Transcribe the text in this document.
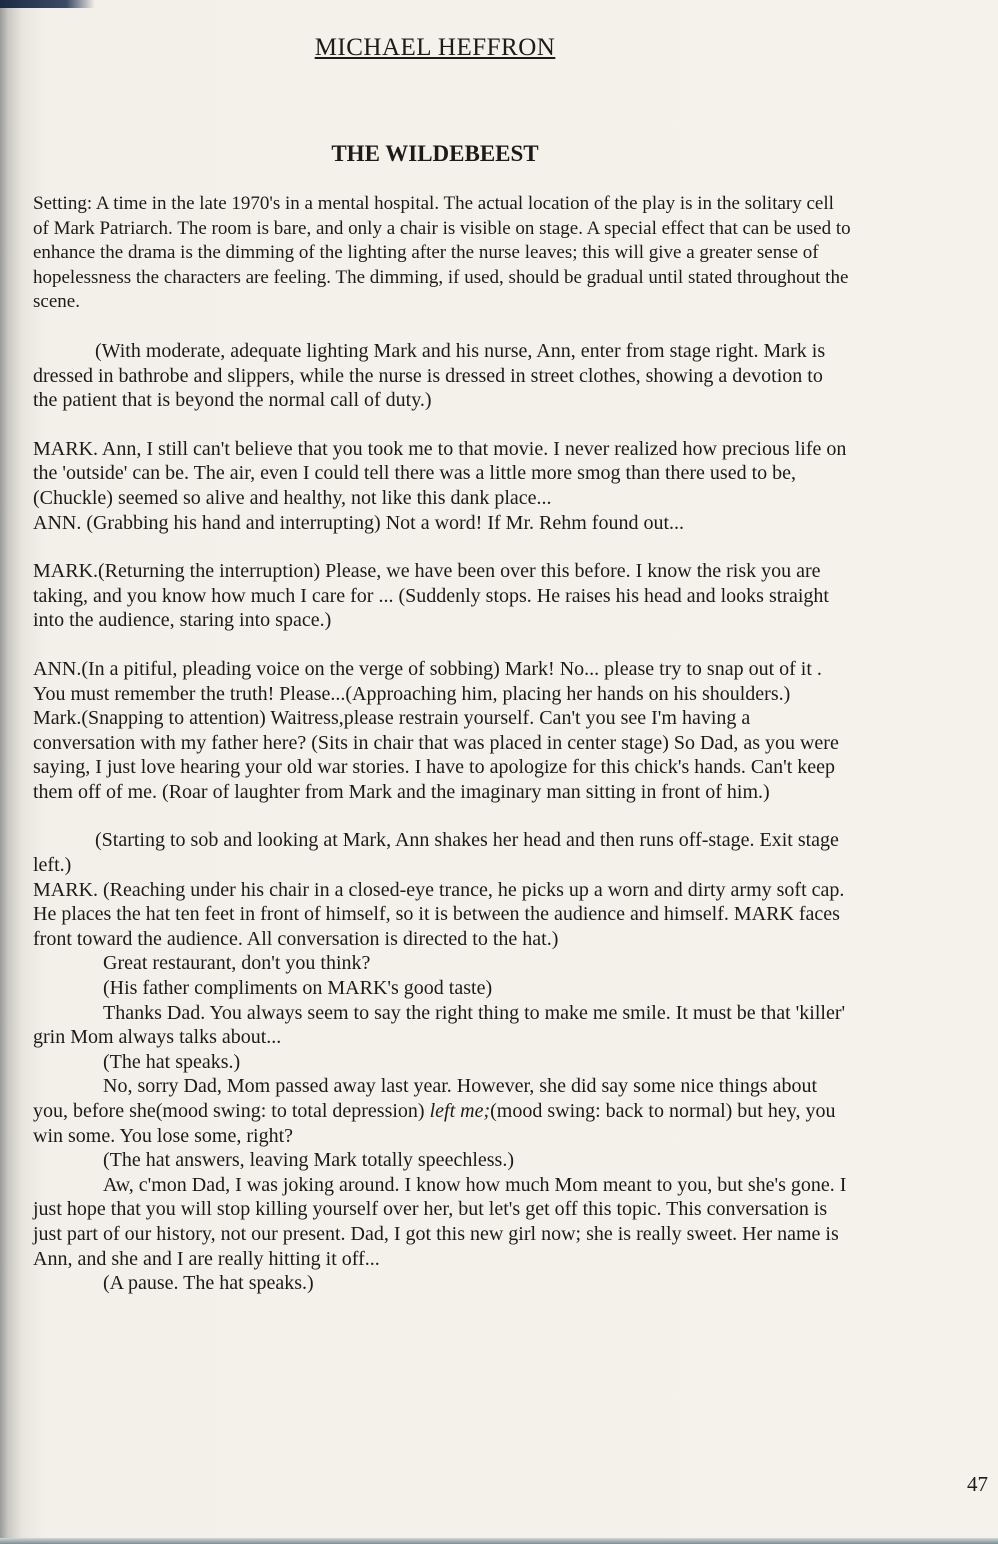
MICHAEL HEFFRON
THE WILDEBEEST

Setting: A time in the late 1970's in a mental hospital. The actual location of the play is in the solitary cell of Mark Patriarch. The room is bare, and only a chair is visible on stage. A special effect that can be used to enhance the drama is the dimming of the lighting after the nurse leaves; this will give a greater sense of hopelessness the characters are feeling. The dimming, if used, should be gradual until stated throughout the scene.

(With moderate, adequate lighting Mark and his nurse, Ann, enter from stage right. Mark is dressed in bathrobe and slippers, while the nurse is dressed in street clothes, showing a devotion to the patient that is beyond the normal call of duty.)

MARK. Ann, I still can't believe that you took me to that movie. I never realized how precious life on the 'outside' can be. The air, even I could tell there was a little more smog than there used to be,(Chuckle) seemed so alive and healthy, not like this dank place...

ANN. (Grabbing his hand and interrupting) Not a word! If Mr. Rehm found out...

MARK.(Returning the interruption) Please, we have been over this before. I know the risk you are taking, and you know how much I care for ... (Suddenly stops. He raises his head and looks straight into the audience, staring into space.)

ANN.(In a pitiful, pleading voice on the verge of sobbing) Mark! No... please try to snap out of it . You must remember the truth! Please...(Approaching him, placing her hands on his shoulders.)

Mark.(Snapping to attention) Waitress,please restrain yourself. Can't you see I'm having a conversation with my father here? (Sits in chair that was placed in center stage) So Dad, as you were saying, I just love hearing your old war stories. I have to apologize for this chick's hands. Can't keep them off of me. (Roar of laughter from Mark and the imaginary man sitting in front of him.)

(Starting to sob and looking at Mark, Ann shakes her head and then runs off-stage. Exit stage left.)

MARK. (Reaching under his chair in a closed-eye trance, he picks up a worn and dirty army soft cap. He places the hat ten feet in front of himself, so it is between the audience and himself. MARK faces front toward the audience. All conversation is directed to the hat.)

Great restaurant, don't you think?

(His father compliments on MARK's good taste)

Thanks Dad. You always seem to say the right thing to make me smile. It must be that 'killer' grin Mom always talks about...

(The hat speaks.)

No, sorry Dad, Mom passed away last year. However, she did say some nice things about you, before she(mood swing: to total depression) left me;(mood swing: back to normal) but hey, you win some. You lose some, right?

(The hat answers, leaving Mark totally speechless.)

Aw, c'mon Dad, I was joking around. I know how much Mom meant to you, but she's gone. I just hope that you will stop killing yourself over her, but let's get off this topic. This conversation is just part of our history, not our present. Dad, I got this new girl now; she is really sweet. Her name is Ann, and she and I are really hitting it off...

(A pause. The hat speaks.)

47
